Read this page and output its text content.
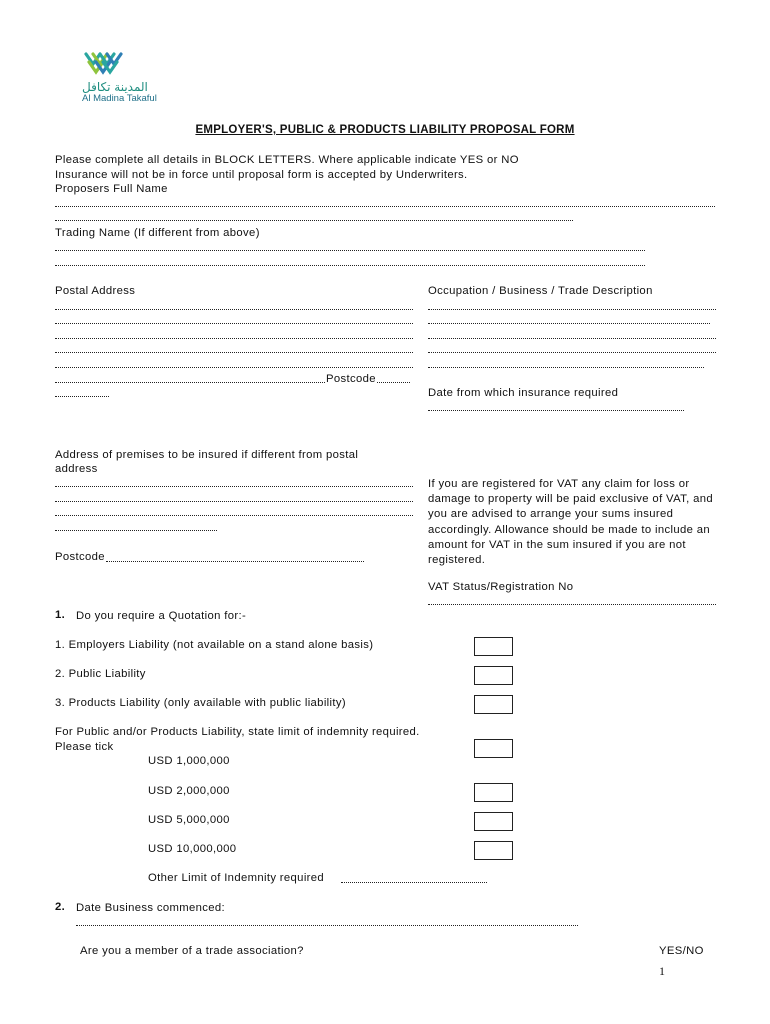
المدينة تكافل
Al Madina Takaful
EMPLOYER'S, PUBLIC & PRODUCTS LIABILITY PROPOSAL FORM
Please complete all details in BLOCK LETTERS. Where applicable indicate YES or NO
Insurance will not be in force until proposal form is accepted by Underwriters.
Proposers Full Name
Trading Name (If different from above)
Postal Address
Postcode
Occupation / Business / Trade Description
Date from which insurance required
Address of premises to be insured if different from postal
address
Postcode
If you are registered for VAT any claim for loss or damage to property will be paid exclusive of VAT, and you are advised to arrange your sums insured accordingly. Allowance should be made to include an amount for VAT in the sum insured if you are not registered.
VAT Status/Registration No
1. Do you require a Quotation for:-
1. Employers Liability (not available on a stand alone basis)
2. Public Liability
3. Products Liability (only available with public liability)
For Public and/or Products Liability, state limit of indemnity required.
Please tick
USD 1,000,000
USD 2,000,000
USD 5,000,000
USD 10,000,000
Other Limit of Indemnity required
2. Date Business commenced:
Are you a member of a trade association?	YES/NO
1
